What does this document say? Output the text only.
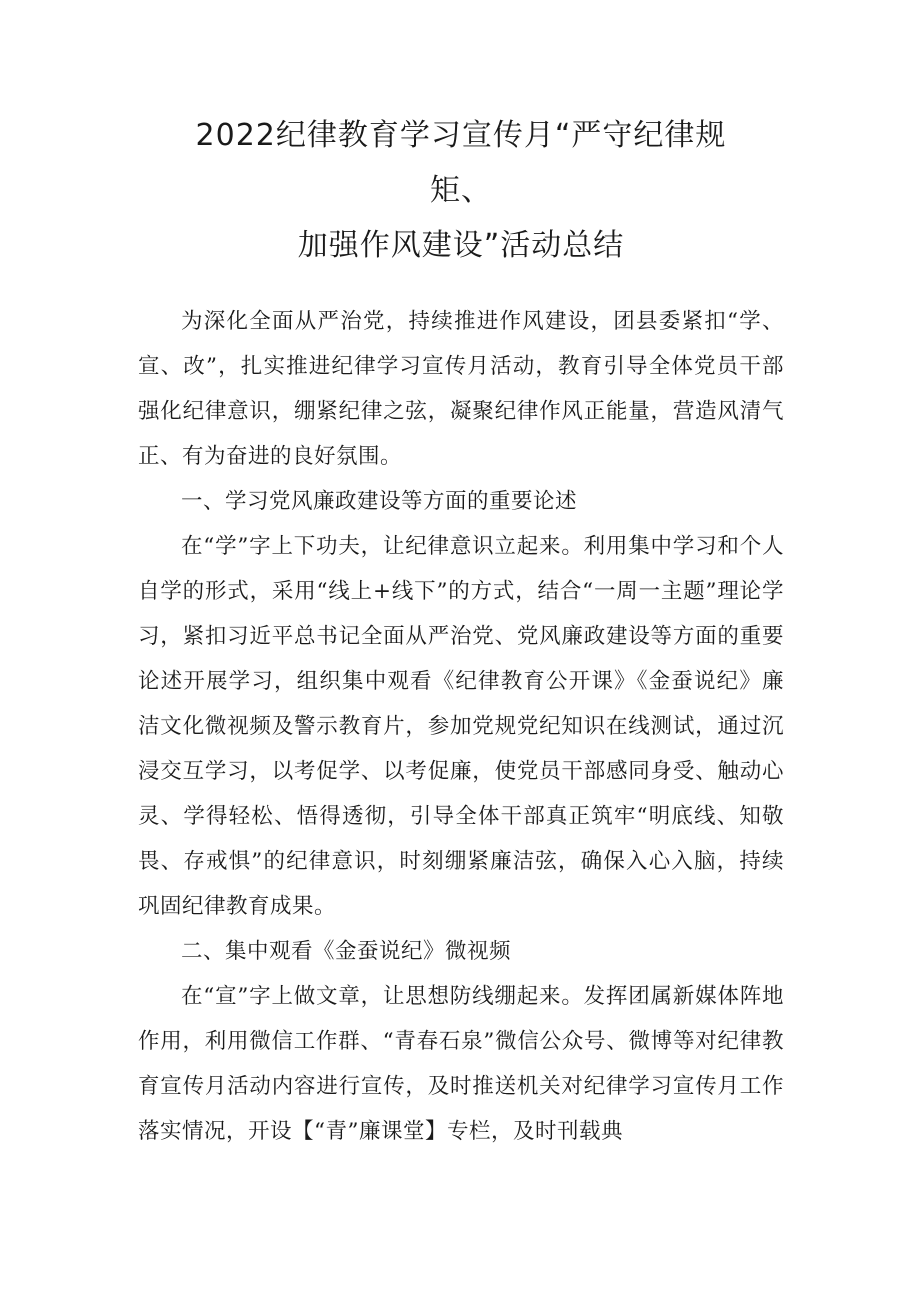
2022纪律教育学习宣传月“严守纪律规
矩、
加强作风建设”活动总结

为深化全面从严治党，持续推进作风建设，团县委紧扣“学、宣、改”，扎实推进纪律学习宣传月活动，教育引导全体党员干部强化纪律意识，绷紧纪律之弦，凝聚纪律作风正能量，营造风清气正、有为奋进的良好氛围。

一、学习党风廉政建设等方面的重要论述

在“学”字上下功夫，让纪律意识立起来。利用集中学习和个人自学的形式，采用“线上+线下”的方式，结合“一周一主题”理论学习，紧扣习近平总书记全面从严治党、党风廉政建设等方面的重要论述开展学习，组织集中观看《纪律教育公开课》《金蚕说纪》廉洁文化微视频及警示教育片，参加党规党纪知识在线测试，通过沉浸交互学习，以考促学、以考促廉，使党员干部感同身受、触动心灵、学得轻松、悟得透彻，引导全体干部真正筑牢“明底线、知敬畏、存戒惧”的纪律意识，时刻绷紧廉洁弦，确保入心入脑，持续巩固纪律教育成果。

二、集中观看《金蚕说纪》微视频

在“宣”字上做文章，让思想防线绷起来。发挥团属新媒体阵地作用，利用微信工作群、“青春石泉”微信公众号、微博等对纪律教育宣传月活动内容进行宣传，及时推送机关对纪律学习宣传月工作落实情况，开设【“青”廉课堂】专栏，及时刊载典
